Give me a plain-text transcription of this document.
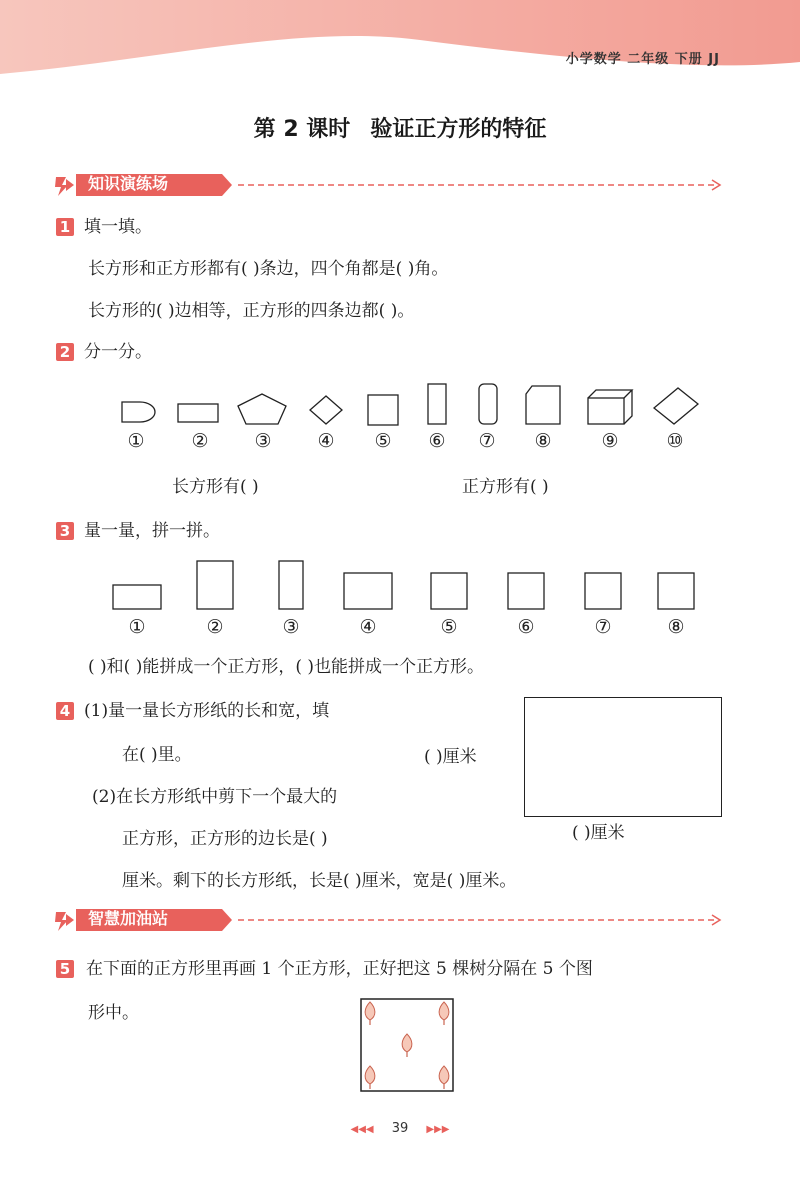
小学数学 二年级 下册 JJ
第 2 课时 验证正方形的特征
知识演练场
1 填一填。
长方形和正方形都有( )条边，四个角都是( )角。
长方形的( )边相等，正方形的四条边都( )。
2 分一分。
①	②	③	④	⑤	⑥	⑦	⑧	⑨	⑩
长方形有( )	正方形有( )
3 量一量，拼一拼。
①	②	③	④	⑤	⑥	⑦	⑧
( )和( )能拼成一个正方形，( )也能拼成一个正方形。
4 (1)量一量长方形纸的长和宽，填
在( )里。
(2)在长方形纸中剪下一个最大的
正方形，正方形的边长是( )
厘米。剩下的长方形纸，长是( )厘米，宽是( )厘米。
( )厘米
( )厘米
智慧加油站
5 在下面的正方形里再画 1 个正方形，正好把这 5 棵树分隔在 5 个图
形中。
◀◀◀ 39 ▶▶▶
